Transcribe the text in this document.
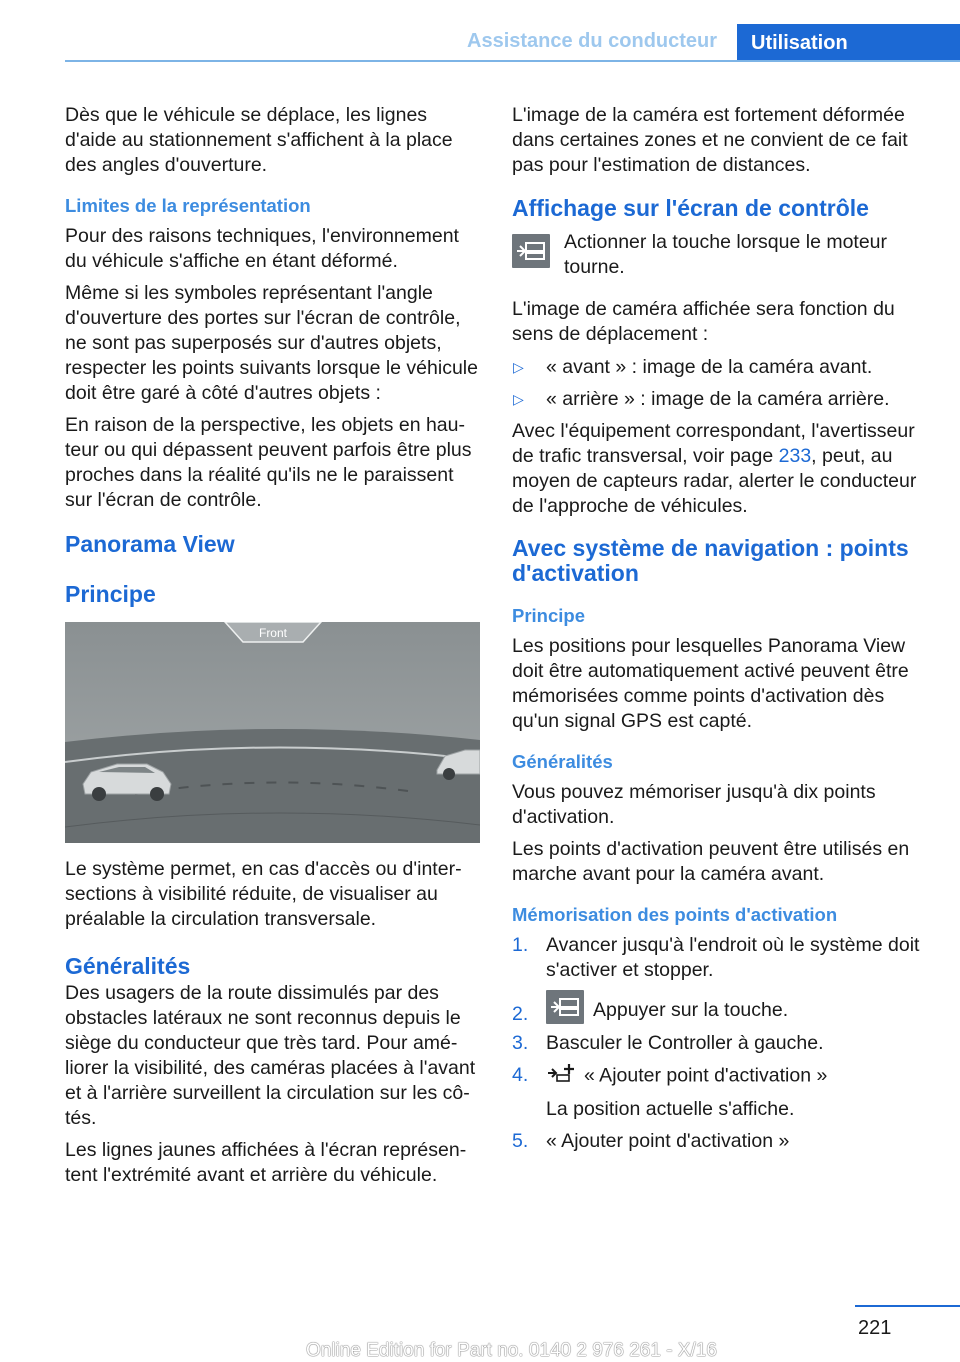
Assistance du conducteur	Utilisation

Dès que le véhicule se déplace, les lignes d'aide au stationnement s'affichent à la place des angles d'ouverture.

Limites de la représentation

Pour des raisons techniques, l'environnement du véhicule s'affiche en étant déformé.

Même si les symboles représentant l'angle d'ouverture des portes sur l'écran de contrôle, ne sont pas superposés sur d'autres objets, respecter les points suivants lorsque le véhicule doit être garé à côté d'autres objets :

En raison de la perspective, les objets en hauteur ou qui dépassent peuvent parfois être plus proches dans la réalité qu'ils ne le paraissent sur l'écran de contrôle.

Panorama View
Principe
Front

Le système permet, en cas d'accès ou d'intersections à visibilité réduite, de visualiser au préalable la circulation transversale.

Généralités

Des usagers de la route dissimulés par des obstacles latéraux ne sont reconnus depuis le siège du conducteur que très tard. Pour améliorer la visibilité, des caméras placées à l'avant et à l'arrière surveillent la circulation sur les côtés.

Les lignes jaunes affichées à l'écran représentent l'extrémité avant et arrière du véhicule.

L'image de la caméra est fortement déformée dans certaines zones et ne convient de ce fait pas pour l'estimation de distances.

Affichage sur l'écran de contrôle
Actionner la touche lorsque le moteur tourne.

L'image de caméra affichée sera fonction du sens de déplacement :

▷ « avant » : image de la caméra avant.
▷ « arrière » : image de la caméra arrière.

Avec l'équipement correspondant, l'avertisseur de trafic transversal, voir page 233, peut, au moyen de capteurs radar, alerter le conducteur de l'approche de véhicules.

Avec système de navigation : points d'activation
Principe

Les positions pour lesquelles Panorama View doit être automatiquement activé peuvent être mémorisées comme points d'activation dès qu'un signal GPS est capté.

Généralités

Vous pouvez mémoriser jusqu'à dix points d'activation.

Les points d'activation peuvent être utilisés en marche avant pour la caméra avant.

Mémorisation des points d'activation
1. Avancer jusqu'à l'endroit où le système doit s'activer et stopper.
2.	Appuyer sur la touche.
3. Basculer le Controller à gauche.
4.	« Ajouter point d'activation »
La position actuelle s'affiche.
5. « Ajouter point d'activation »
221
Online Edition for Part no. 0140 2 976 261 - X/16
